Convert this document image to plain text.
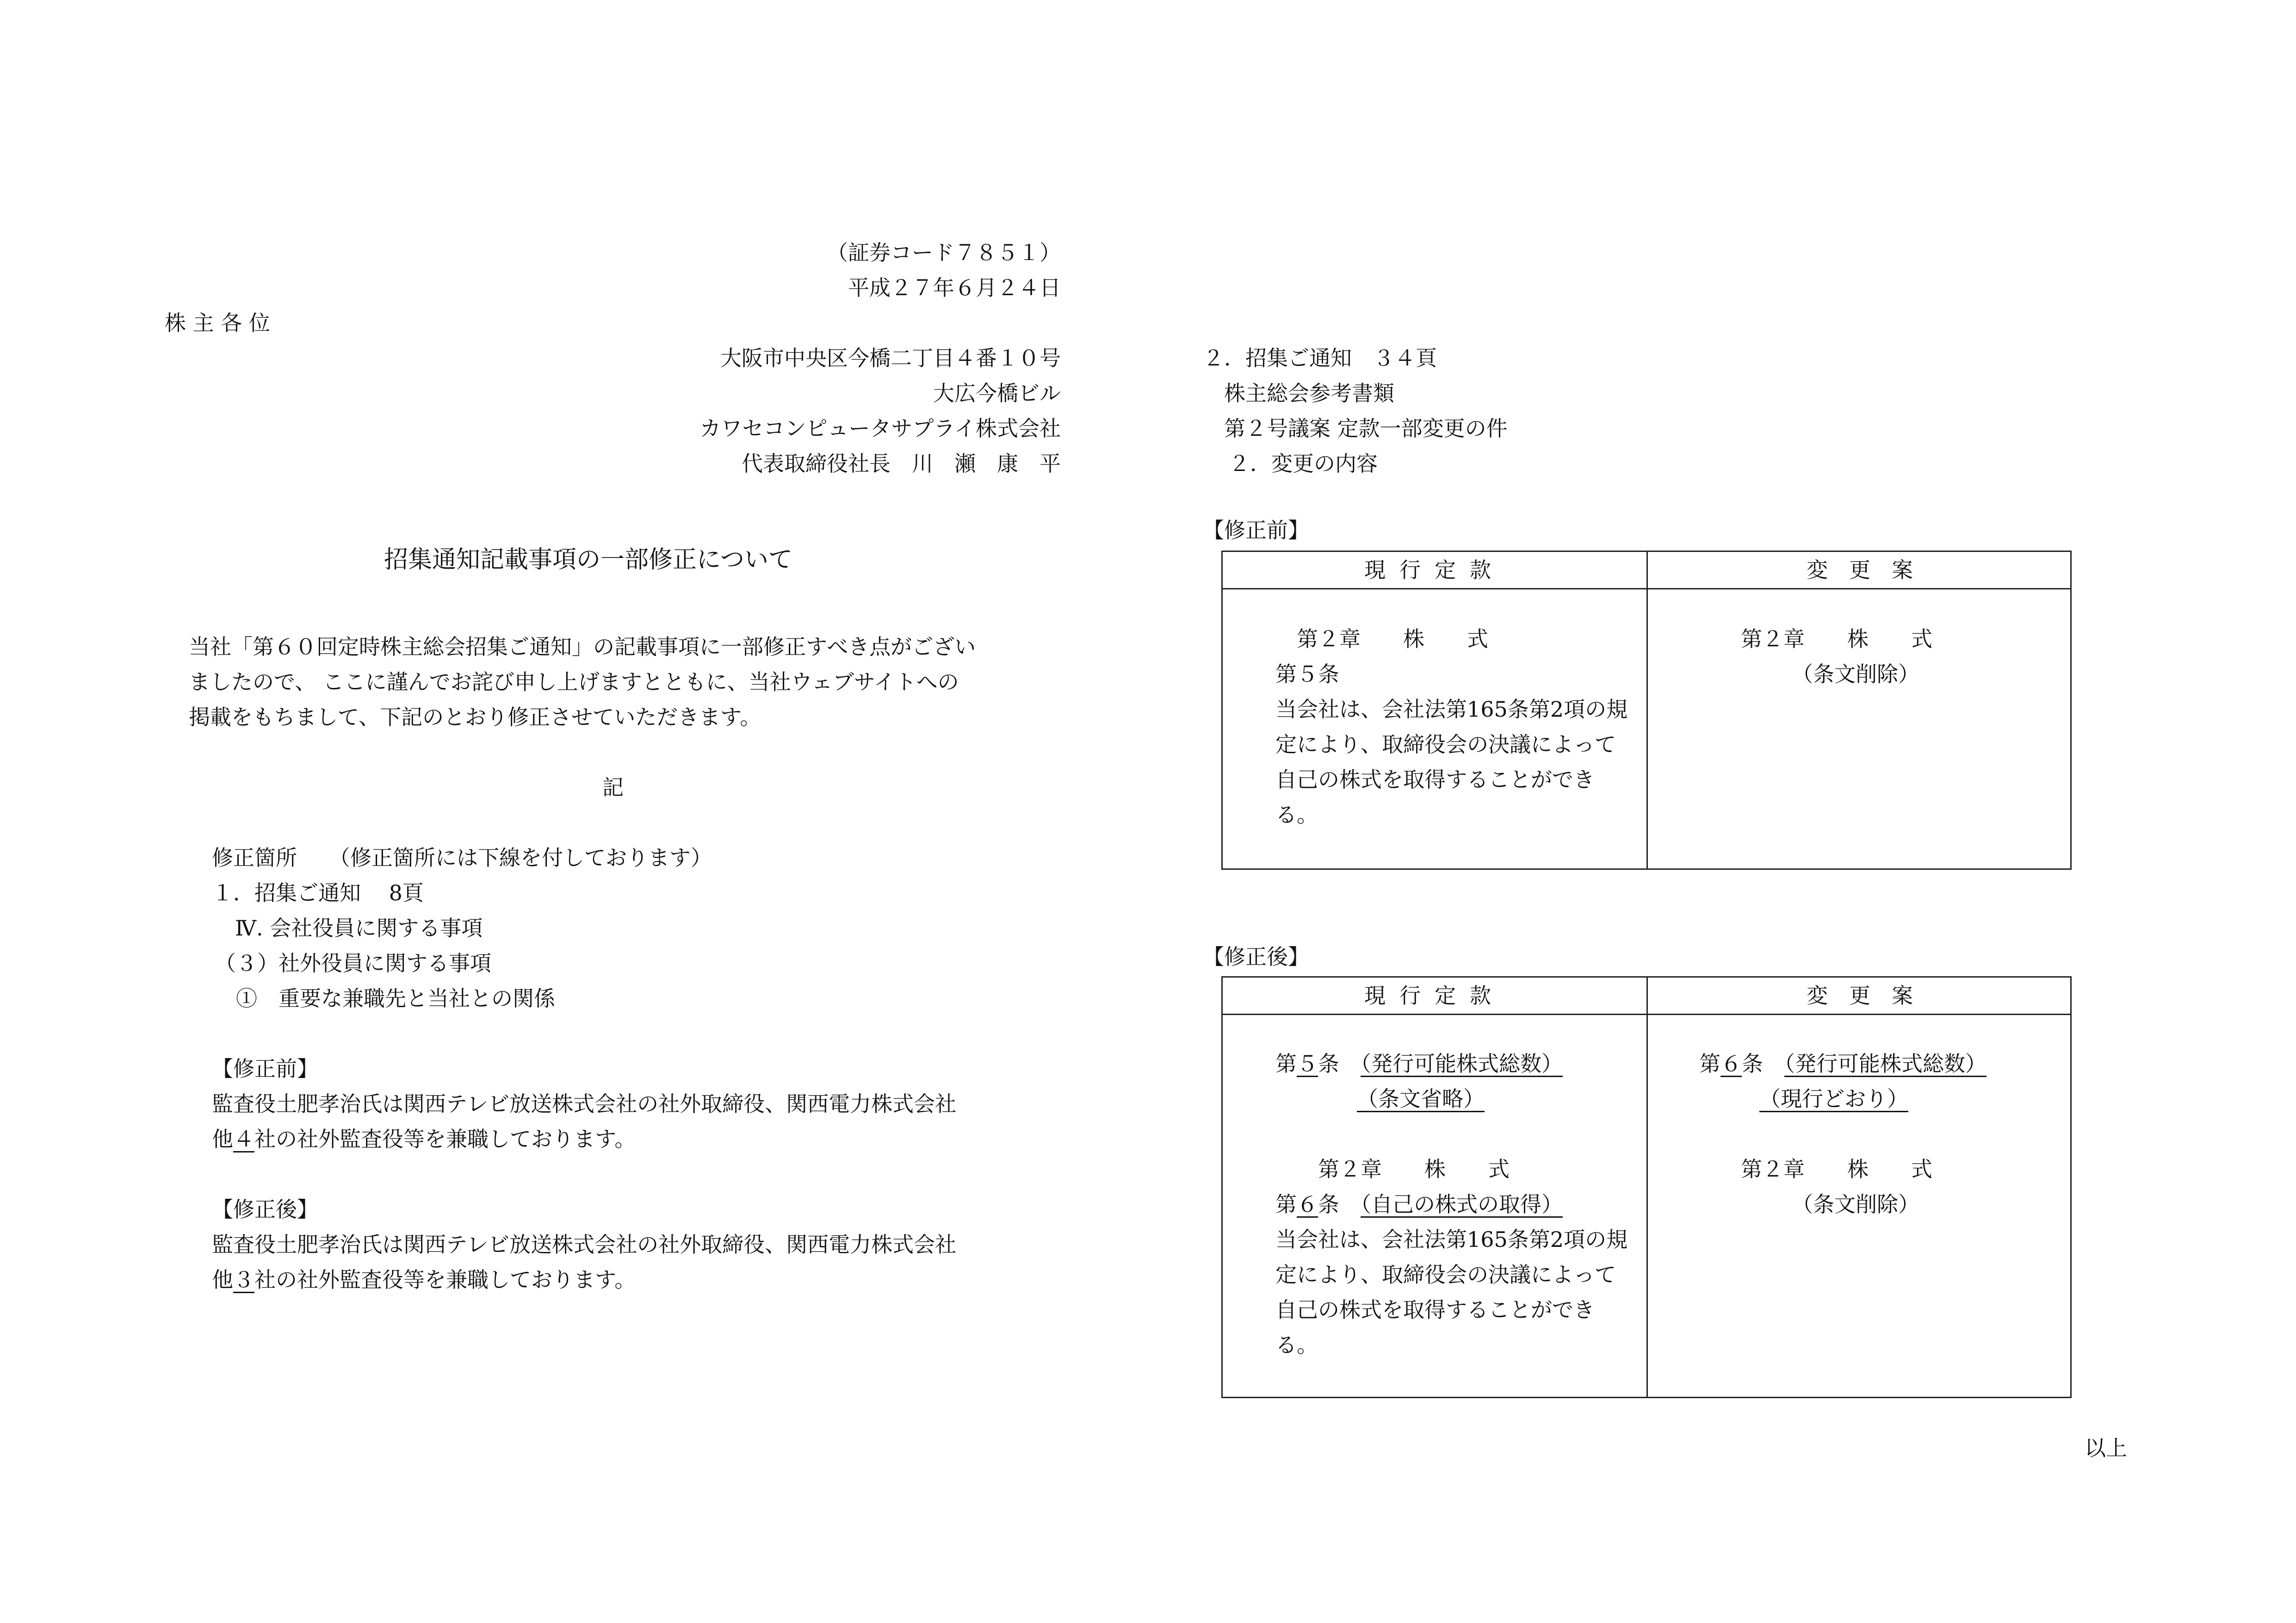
（証券コード７８５１）
平成２７年６月２４日
株 主 各 位
大阪市中央区今橋二丁目４番１０号
大広今橋ビル
カワセコンピュータサプライ株式会社
代表取締役社長　川　瀬　康　平
招集通知記載事項の一部修正について
当社「第６０回定時株主総会招集ご通知」の記載事項に一部修正すべき点がござい
ましたので、 ここに謹んでお詫び申し上げますとともに、当社ウェブサイトへの
掲載をもちまして、下記のとおり修正させていただきます。
記
修正箇所　　（修正箇所には下線を付しております）
１．招集ご通知　 8頁
Ⅳ. 会社役員に関する事項
（３）社外役員に関する事項
①　重要な兼職先と当社との関係
【修正前】
監査役土肥孝治氏は関西テレビ放送株式会社の社外取締役、関西電力株式会社
他４社の社外監査役等を兼職しております。
【修正後】
監査役土肥孝治氏は関西テレビ放送株式会社の社外取締役、関西電力株式会社
他３社の社外監査役等を兼職しております。
２．招集ご通知　３４頁
株主総会参考書類
第２号議案 定款一部変更の件
２．変更の内容
【修正前】
現行定款	変　更　案
第２章　　株　　式
第５条
当会社は、会社法第165条第2項の規
定により、取締役会の決議によって
自己の株式を取得することができ
る。
第２章　　株　　式
（条文削除）
【修正後】
現行定款	変　更　案
第５条　 （発行可能株式総数）
（条文省略）
第２章　　株　　式
第６条　 （自己の株式の取得）
当会社は、会社法第165条第2項の規
定により、取締役会の決議によって
自己の株式を取得することができ
る。
第６条　 （発行可能株式総数）
（現行どおり）
第２章　　株　　式
（条文削除）
以上
